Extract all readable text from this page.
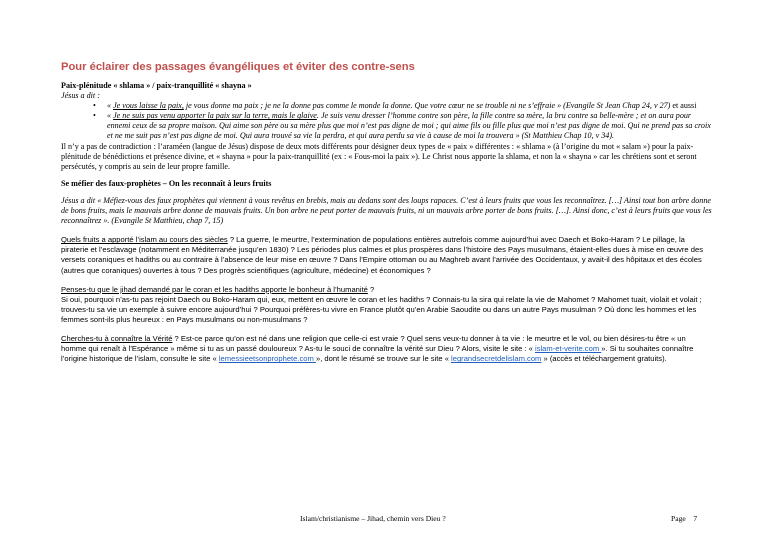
Pour éclairer des passages évangéliques et éviter des contre-sens

Paix-plénitude « shlama » / paix-tranquillité « shayna »

Jésus a dit :

• « Je vous laisse la paix, je vous donne ma paix ; je ne la donne pas comme le monde la donne. Que votre cœur ne se trouble ni ne s’effraie » (Evangile St Jean Chap 24, v 27) et aussi
• « Je ne suis pas venu apporter la paix sur la terre, mais le glaive. Je suis venu dresser l’homme contre son père, la fille contre sa mère, la bru contre sa belle-mère ; et on aura pour ennemi ceux de sa propre maison. Qui aime son père ou sa mère plus que moi n’est pas digne de moi ; qui aime fils ou fille plus que moi n’est pas digne de moi. Qui ne prend pas sa croix et ne me suit pas n’est pas digne de moi. Qui aura trouvé sa vie la perdra, et qui aura perdu sa vie à cause de moi la trouvera » (St Matthieu Chap 10, v 34).

Il n’y a pas de contradiction : l’araméen (langue de Jésus) dispose de deux mots différents pour désigner deux types de « paix » différentes : « shlama » (à l’origine du mot « salam ») pour la paix-plénitude de bénédictions et présence divine, et « shayna » pour la paix-tranquillité (ex : « Fous-moi la paix »). Le Christ nous apporte la shlama, et non la « shayna » car les chrétiens sont et seront persécutés, y compris au sein de leur propre famille.

Se méfier des faux-prophètes – On les reconnaît à leurs fruits

Jésus a dit « Méfiez-vous des faux prophètes qui viennent à vous revêtus en brebis, mais au dedans sont des loups rapaces. C’est à leurs fruits que vous les reconnaîtrez. […] Ainsi tout bon arbre donne de bons fruits, mais le mauvais arbre donne de mauvais fruits. Un bon arbre ne peut porter de mauvais fruits, ni un mauvais arbre porter de bons fruits. […]. Ainsi donc, c’est à leurs fruits que vous les reconnaîtrez ». (Evangile St Matthieu, chap 7, 15)

Quels fruits a apporté l’islam au cours des siècles ? La guerre, le meurtre, l’extermination de populations entières autrefois comme aujourd’hui avec Daech et Boko-Haram ? Le pillage, la piraterie et l’esclavage (notamment en Méditerranée jusqu’en 1830) ? Les périodes plus calmes et plus prospères dans l’histoire des Pays musulmans, étaient-elles dues à mise en œuvre des versets coraniques et hadiths ou au contraire à l’absence de leur mise en œuvre ? Dans l’Empire ottoman ou au Maghreb avant l’arrivée des Occidentaux, y avait-il des hôpitaux et des écoles (autres que coraniques) ouvertes à tous ? Des progrès scientifiques (agriculture, médecine) et économiques ?

Penses-tu que le jihad demandé par le coran et les hadiths apporte le bonheur à l’humanité ?
Si oui, pourquoi n’as-tu pas rejoint Daech ou Boko-Haram qui, eux, mettent en œuvre le coran et les hadiths ? Connais-tu la sira qui relate la vie de Mahomet ? Mahomet tuait, violait et volait ; trouves-tu sa vie un exemple à suivre encore aujourd’hui ? Pourquoi préfères-tu vivre en France plutôt qu’en Arabie Saoudite ou dans un autre Pays musulman ? Où donc les hommes et les femmes sont-ils plus heureux : en Pays musulmans ou non-musulmans ?

Cherches-tu à connaître la Vérité ? Est-ce parce qu’on est né dans une religion que celle-ci est vraie ? Quel sens veux-tu donner à ta vie : le meurtre et le vol, ou bien désires-tu être « un homme qui renaît à l’Espérance » même si tu as un passé douloureux ? As-tu le souci de connaître la vérité sur Dieu ? Alors, visite le site : « islam-et-verite.com ». Si tu souhaites connaître l’origine historique de l’islam, consulte le site « lemessieetsonprophete.com », dont le résumé se trouve sur le site « legrandsecretdelislam.com » (accès et téléchargement gratuits).

Islam/christianisme – Jihad, chemin vers Dieu ?	Page 7
